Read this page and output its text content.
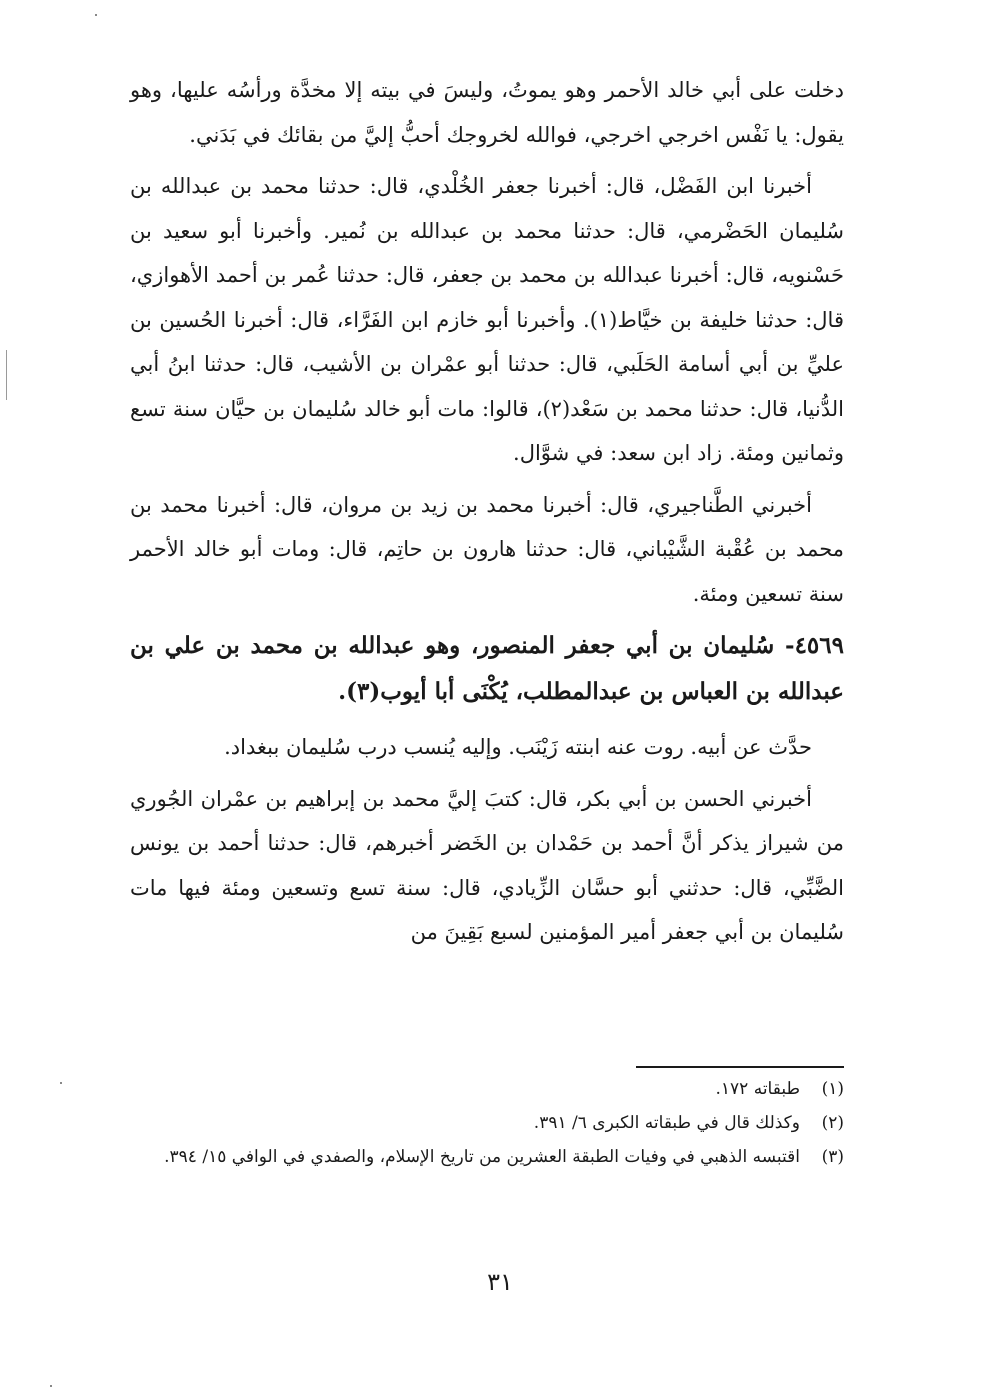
دخلت على أبي خالد الأحمر وهو يموتُ، وليسَ في بيته إلا مخدَّة ورأسُه عليها، وهو يقول: يا نَفْس اخرجي اخرجي، فوالله لخروجك أحبُّ إليَّ من بقائك في بَدَني.

أخبرنا ابن الفَضْل، قال: أخبرنا جعفر الخُلْدي، قال: حدثنا محمد بن عبدالله بن سُليمان الحَضْرمي، قال: حدثنا محمد بن عبدالله بن نُمير. وأخبرنا أبو سعيد بن حَسْنويه، قال: أخبرنا عبدالله بن محمد بن جعفر، قال: حدثنا عُمر بن أحمد الأهوازي، قال: حدثنا خليفة بن خيَّاط(١). وأخبرنا أبو خازم ابن الفَرَّاء، قال: أخبرنا الحُسين بن عليِّ بن أبي أسامة الحَلَبي، قال: حدثنا أبو عمْران بن الأشيب، قال: حدثنا ابنُ أبي الدُّنيا، قال: حدثنا محمد بن سَعْد(٢)، قالوا: مات أبو خالد سُليمان بن حيَّان سنة تسع وثمانين ومئة. زاد ابن سعد: في شوَّال.

أخبرني الطَّناجيري، قال: أخبرنا محمد بن زيد بن مروان، قال: أخبرنا محمد بن محمد بن عُقْبة الشَّيْباني، قال: حدثنا هارون بن حاتِم، قال: ومات أبو خالد الأحمر سنة تسعين ومئة.

٤٥٦٩- سُليمان بن أبي جعفر المنصور، وهو عبدالله بن محمد بن علي بن عبدالله بن العباس بن عبدالمطلب، يُكْنَى أبا أيوب(٣).

حدَّث عن أبيه. روت عنه ابنته زَيْنَب. وإليه يُنسب درب سُليمان ببغداد.

أخبرني الحسن بن أبي بكر، قال: كتبَ إليَّ محمد بن إبراهيم بن عمْران الجُوري من شيراز يذكر أنَّ أحمد بن حَمْدان بن الخَضر أخبرهم، قال: حدثنا أحمد بن يونس الضَّبِّي، قال: حدثني أبو حسَّان الزِّيادي، قال: سنة تسع وتسعين ومئة فيها مات سُليمان بن أبي جعفر أمير المؤمنين لسبع بَقِينَ من

(١)
طبقاته ١٧٢.
(٢)
وكذلك قال في طبقاته الكبرى ٦/ ٣٩١.
(٣)
اقتبسه الذهبي في وفيات الطبقة العشرين من تاريخ الإسلام، والصفدي في الوافي ١٥/ ٣٩٤.
٣١
